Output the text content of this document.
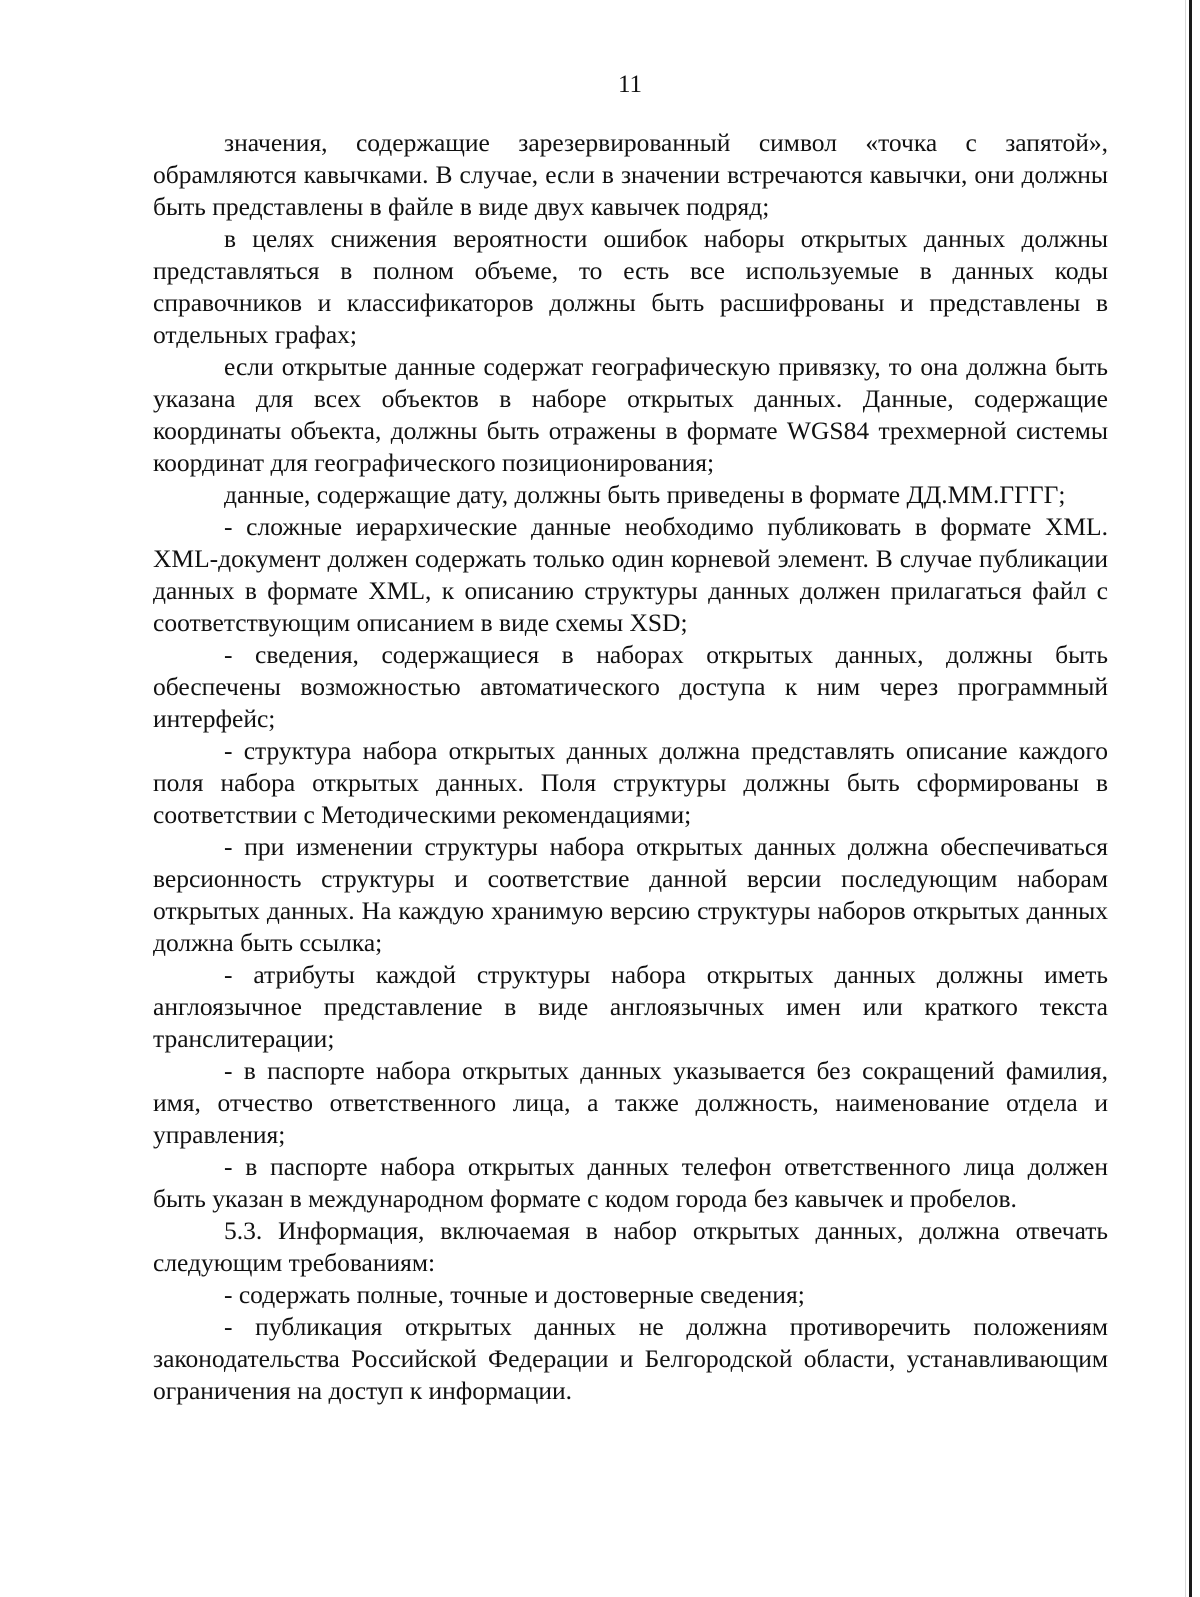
11

значения, содержащие зарезервированный символ «точка с запятой», обрамляются кавычками. В случае, если в значении встречаются кавычки, они должны быть представлены в файле в виде двух кавычек подряд;

в целях снижения вероятности ошибок наборы открытых данных должны представляться в полном объеме, то есть все используемые в данных коды справочников и классификаторов должны быть расшифрованы и представлены в отдельных графах;

если открытые данные содержат географическую привязку, то она должна быть указана для всех объектов в наборе открытых данных. Данные, содержащие координаты объекта, должны быть отражены в формате WGS84 трехмерной системы координат для географического позиционирования;

данные, содержащие дату, должны быть приведены в формате ДД.ММ.ГГГГ;

- сложные иерархические данные необходимо публиковать в формате XML. XML-документ должен содержать только один корневой элемент. В случае публикации данных в формате XML, к описанию структуры данных должен прилагаться файл с соответствующим описанием в виде схемы XSD;

- сведения, содержащиеся в наборах открытых данных, должны быть обеспечены возможностью автоматического доступа к ним через программный интерфейс;

- структура набора открытых данных должна представлять описание каждого поля набора открытых данных. Поля структуры должны быть сформированы в соответствии с Методическими рекомендациями;

- при изменении структуры набора открытых данных должна обеспечиваться версионность структуры и соответствие данной версии последующим наборам открытых данных. На каждую хранимую версию структуры наборов открытых данных должна быть ссылка;

- атрибуты каждой структуры набора открытых данных должны иметь англоязычное представление в виде англоязычных имен или краткого текста транслитерации;

- в паспорте набора открытых данных указывается без сокращений фамилия, имя, отчество ответственного лица, а также должность, наименование отдела и управления;

- в паспорте набора открытых данных телефон ответственного лица должен быть указан в международном формате с кодом города без кавычек и пробелов.

5.3. Информация, включаемая в набор открытых данных, должна отвечать следующим требованиям:

- содержать полные, точные и достоверные сведения;

- публикация открытых данных не должна противоречить положениям законодательства Российской Федерации и Белгородской области, устанавливающим ограничения на доступ к информации.
